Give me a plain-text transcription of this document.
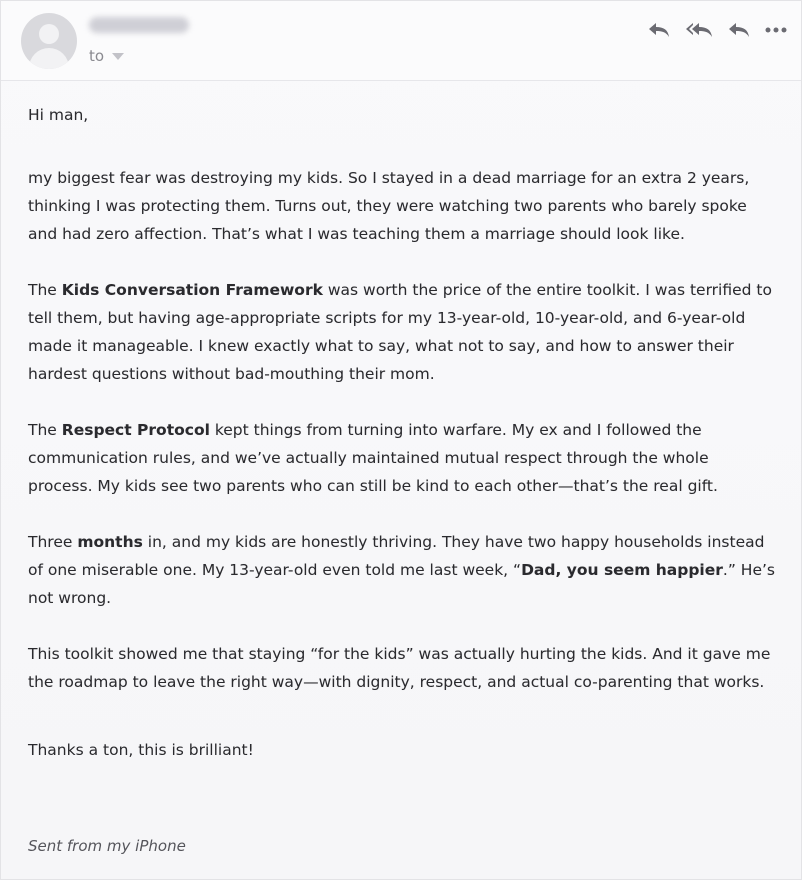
to

Hi man,

my biggest fear was destroying my kids. So I stayed in a dead marriage for an extra 2 years, thinking I was protecting them. Turns out, they were watching two parents who barely spoke and had zero affection. That’s what I was teaching them a marriage should look like.

The Kids Conversation Framework was worth the price of the entire toolkit. I was terrified to tell them, but having age-appropriate scripts for my 13-year-old, 10-year-old, and 6-year-old made it manageable. I knew exactly what to say, what not to say, and how to answer their hardest questions without bad-mouthing their mom.

The Respect Protocol kept things from turning into warfare. My ex and I followed the communication rules, and we’ve actually maintained mutual respect through the whole process. My kids see two parents who can still be kind to each other—that’s the real gift.

Three months in, and my kids are honestly thriving. They have two happy households instead of one miserable one. My 13-year-old even told me last week, “Dad, you seem happier.” He’s not wrong.

This toolkit showed me that staying “for the kids” was actually hurting the kids. And it gave me the roadmap to leave the right way—with dignity, respect, and actual co-parenting that works.

Thanks a ton, this is brilliant!
Sent from my iPhone
